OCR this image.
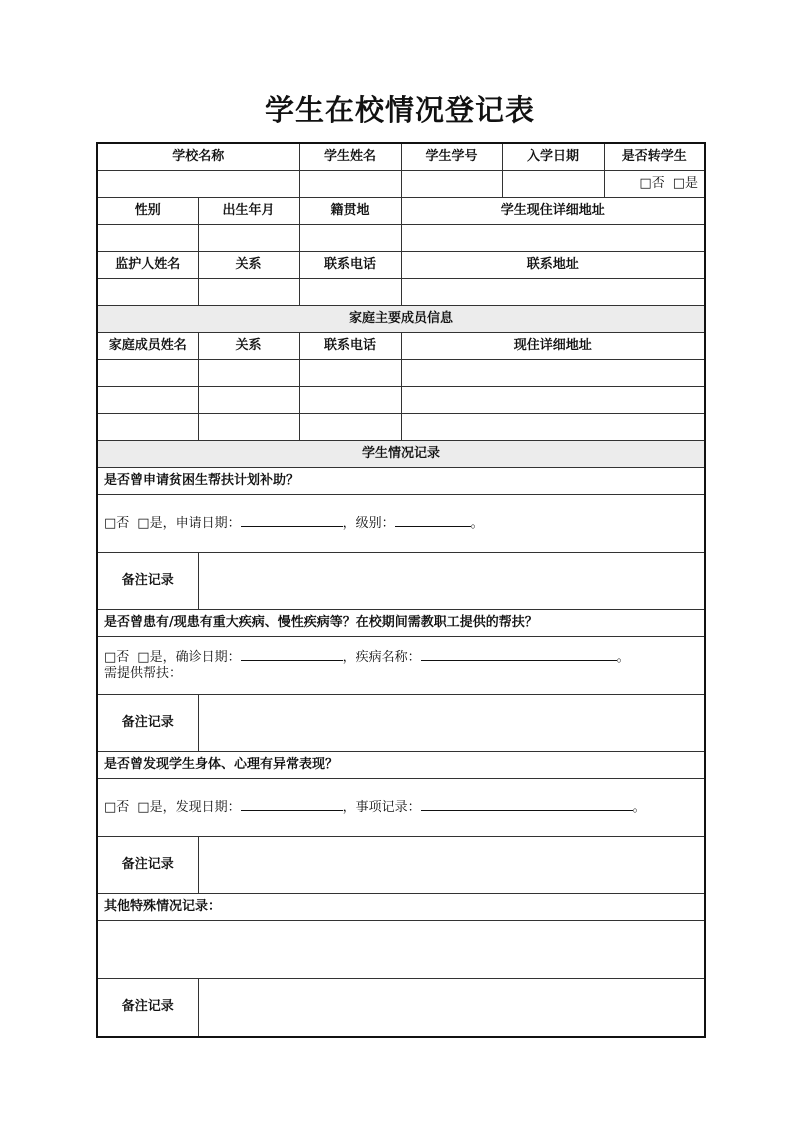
学生在校情况登记表
学校名称		学生姓名	学生学号	入学日期	是否转学生
					□否 □是
性别	出生年月	籍贯地	学生现住详细地址		

监护人姓名	关系	联系电话	联系地址		

家庭主要成员信息					
家庭成员姓名	关系	联系电话	现住详细地址		

学生情况记录					
是否曾申请贫困生帮扶计划补助？					
□否 □是，申请日期： ，级别： 。					
备注记录					
是否曾患有/现患有重大疾病、慢性疾病等？在校期间需教职工提供的帮扶？					

□否 □是，确诊日期： ，疾病名称： 。
需提供帮扶：					

备注记录					
是否曾发现学生身体、心理有异常表现？					
□否 □是，发现日期： ，事项记录： 。					
备注记录					
其他特殊情况记录：					

备注记录					
